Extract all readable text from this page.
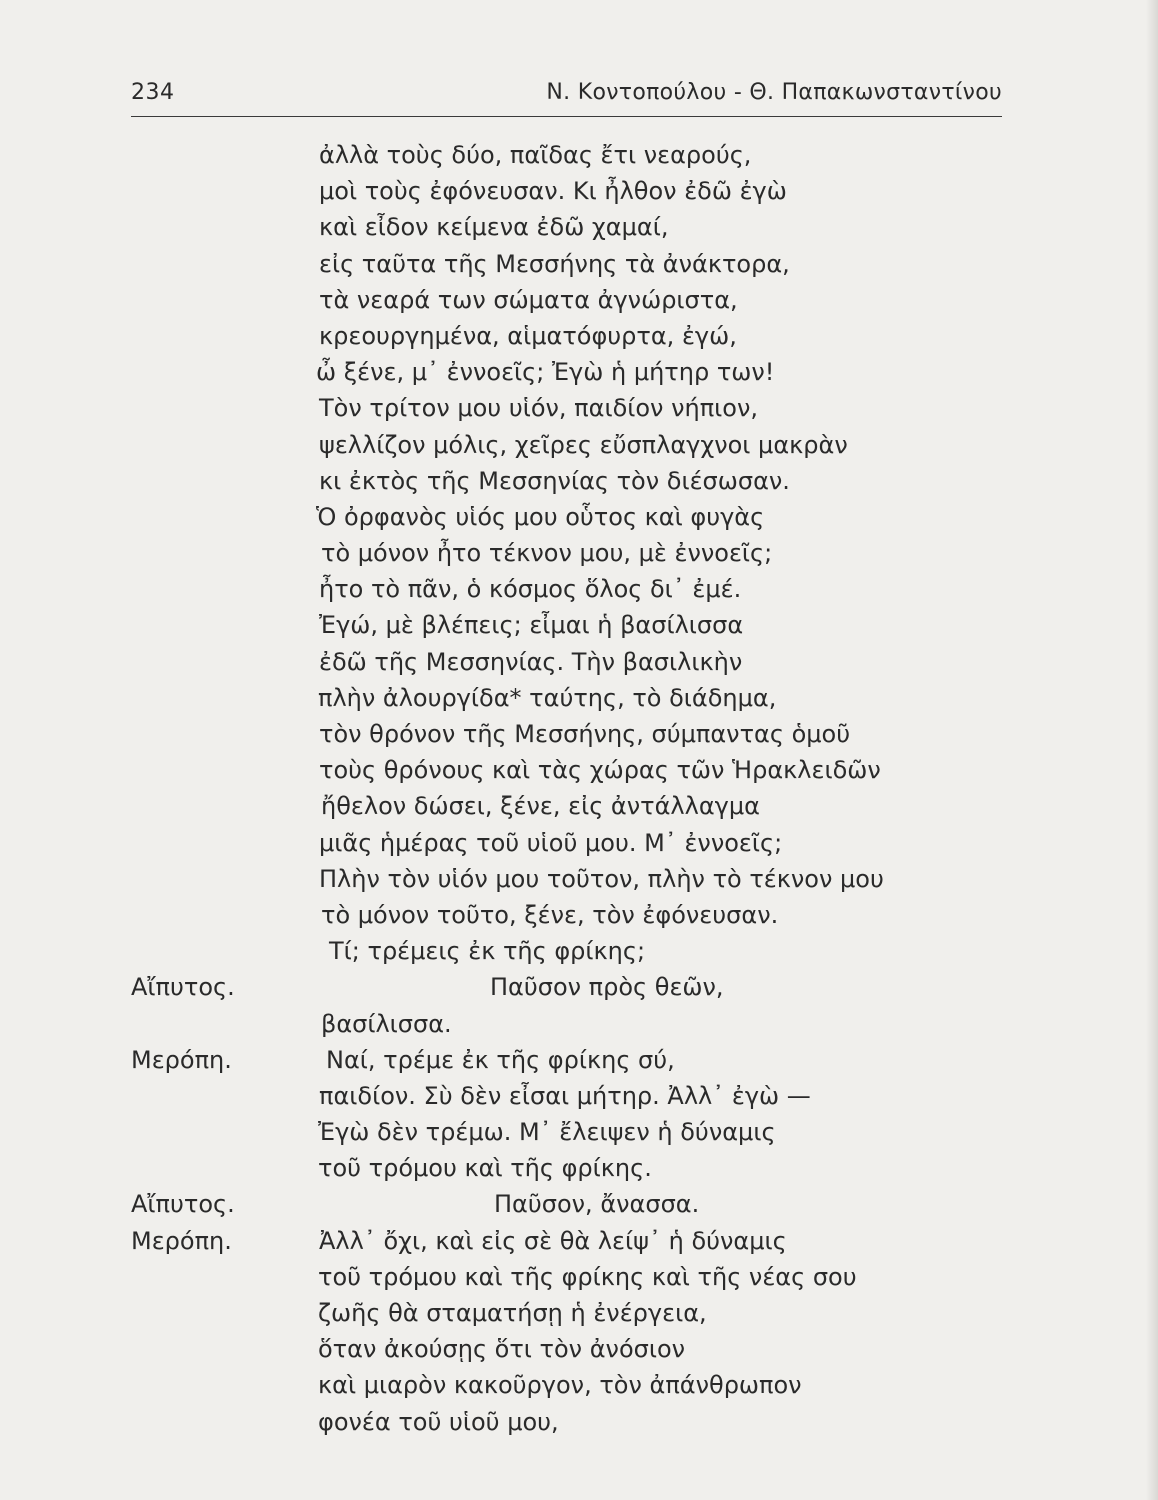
234	Ν. Κοντοπούλου - Θ. Παπακωνσταντίνου
ἀλλὰ τοὺς δύο, παῖδας ἔτι νεαρούς,
μοὶ τοὺς ἐφόνευσαν. Κι ἦλθον ἐδῶ ἐγὼ
καὶ εἶδον κείμενα ἐδῶ χαμαί,
εἰς ταῦτα τῆς Μεσσήνης τὰ ἀνάκτορα,
τὰ νεαρά των σώματα ἀγνώριστα,
κρεουργημένα, αἱματόφυρτα, ἐγώ,
ὦ ξένε, μ᾽ ἐννοεῖς; Ἐγὼ ἡ μήτηρ των!
Τὸν τρίτον μου υἱόν, παιδίον νήπιον,
ψελλίζον μόλις, χεῖρες εὔσπλαγχνοι μακρὰν
κι ἐκτὸς τῆς Μεσσηνίας τὸν διέσωσαν.
Ὁ ὀρφανὸς υἱός μου οὗτος καὶ φυγὰς
τὸ μόνον ἦτο τέκνον μου, μὲ ἐννοεῖς;
ἦτο τὸ πᾶν, ὁ κόσμος ὅλος δι᾽ ἐμέ.
Ἐγώ, μὲ βλέπεις; εἶμαι ἡ βασίλισσα
ἐδῶ τῆς Μεσσηνίας. Τὴν βασιλικὴν
πλὴν ἀλουργίδα* ταύτης, τὸ διάδημα,
τὸν θρόνον τῆς Μεσσήνης, σύμπαντας ὁμοῦ
τοὺς θρόνους καὶ τὰς χώρας τῶν Ἡρακλειδῶν
ἤθελον δώσει, ξένε, εἰς ἀντάλλαγμα
μιᾶς ἡμέρας τοῦ υἱοῦ μου. Μ᾽ ἐννοεῖς;
Πλὴν τὸν υἱόν μου τοῦτον, πλὴν τὸ τέκνον μου
τὸ μόνον τοῦτο, ξένε, τὸν ἐφόνευσαν.
Τί; τρέμεις ἐκ τῆς φρίκης;
Αἴπυτος.	Παῦσον πρὸς θεῶν,
βασίλισσα.
Μερόπη.	Ναί, τρέμε ἐκ τῆς φρίκης σύ,
παιδίον. Σὺ δὲν εἶσαι μήτηρ. Ἀλλ᾽ ἐγὼ —
Ἐγὼ δὲν τρέμω. Μ᾽ ἔλειψεν ἡ δύναμις
τοῦ τρόμου καὶ τῆς φρίκης.
Αἴπυτος.	Παῦσον, ἄνασσα.
Μερόπη.	Ἀλλ᾽ ὄχι, καὶ εἰς σὲ θὰ λείψ᾽ ἡ δύναμις
τοῦ τρόμου καὶ τῆς φρίκης καὶ τῆς νέας σου
ζωῆς θὰ σταματήσῃ ἡ ἐνέργεια,
ὅταν ἀκούσῃς ὅτι τὸν ἀνόσιον
καὶ μιαρὸν κακοῦργον, τὸν ἀπάνθρωπον
φονέα τοῦ υἱοῦ μου,
